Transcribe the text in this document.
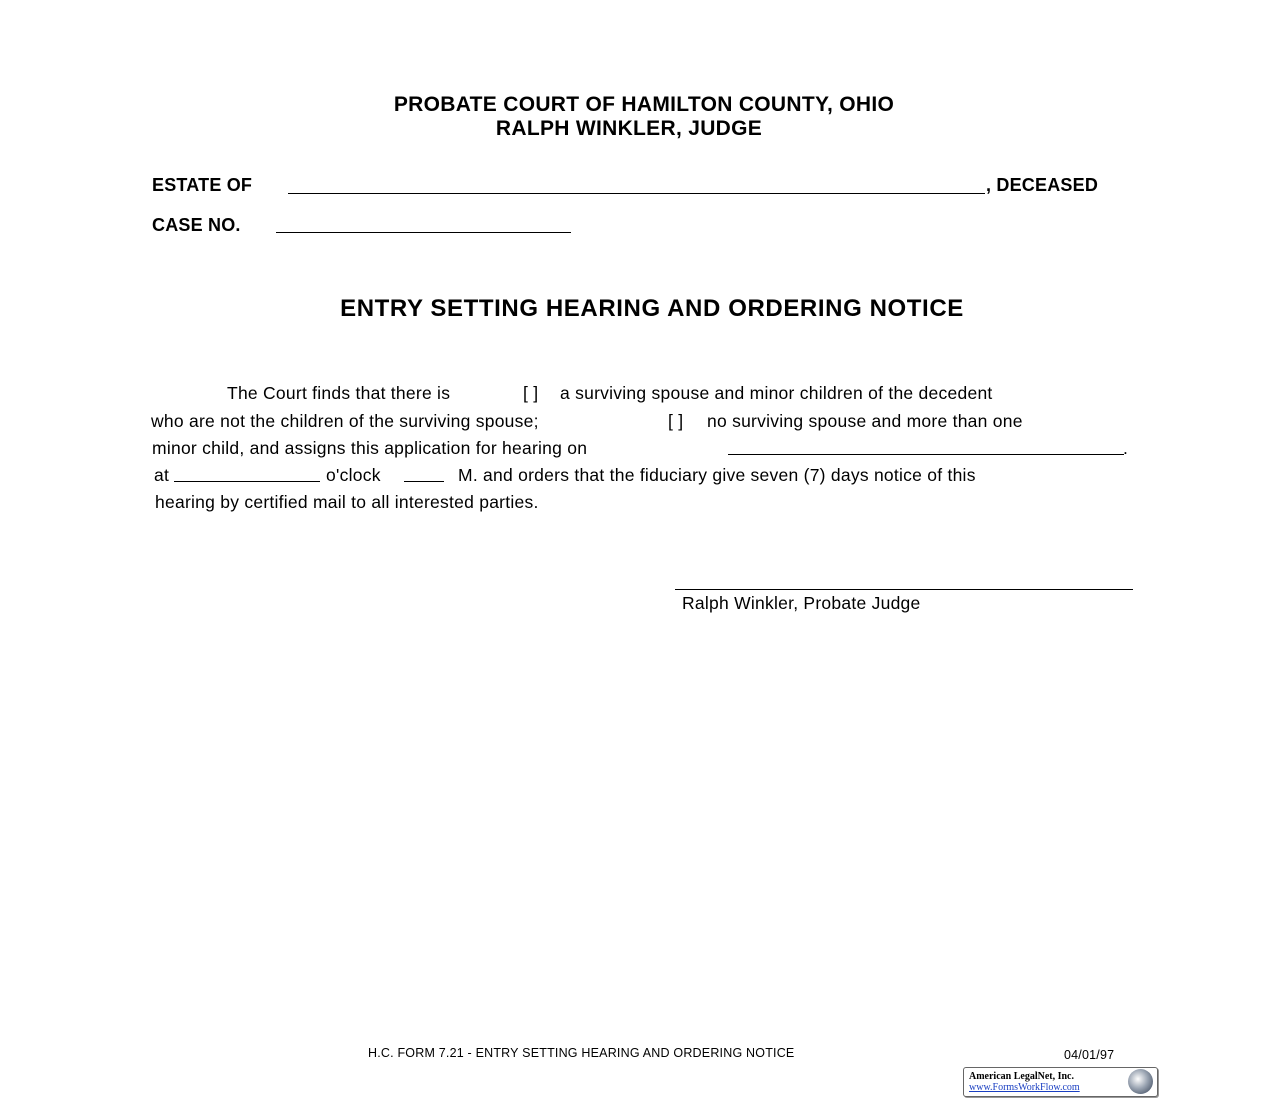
PROBATE COURT OF HAMILTON COUNTY, OHIO
RALPH WINKLER, JUDGE
ESTATE OF	, DECEASED
CASE NO.
ENTRY SETTING HEARING AND ORDERING NOTICE
The Court finds that there is	[ ] a surviving spouse and minor children of the decedent
who are not the children of the surviving spouse;	[ ] no surviving spouse and more than one
minor child, and assigns this application for hearing on	.
at	o'clock	M. and orders that the fiduciary give seven (7) days notice of this
hearing by certified mail to all interested parties.
Ralph Winkler, Probate Judge
H.C. FORM 7.21 - ENTRY SETTING HEARING AND ORDERING NOTICE	04/01/97
American LegalNet, Inc.
www.FormsWorkFlow.com
